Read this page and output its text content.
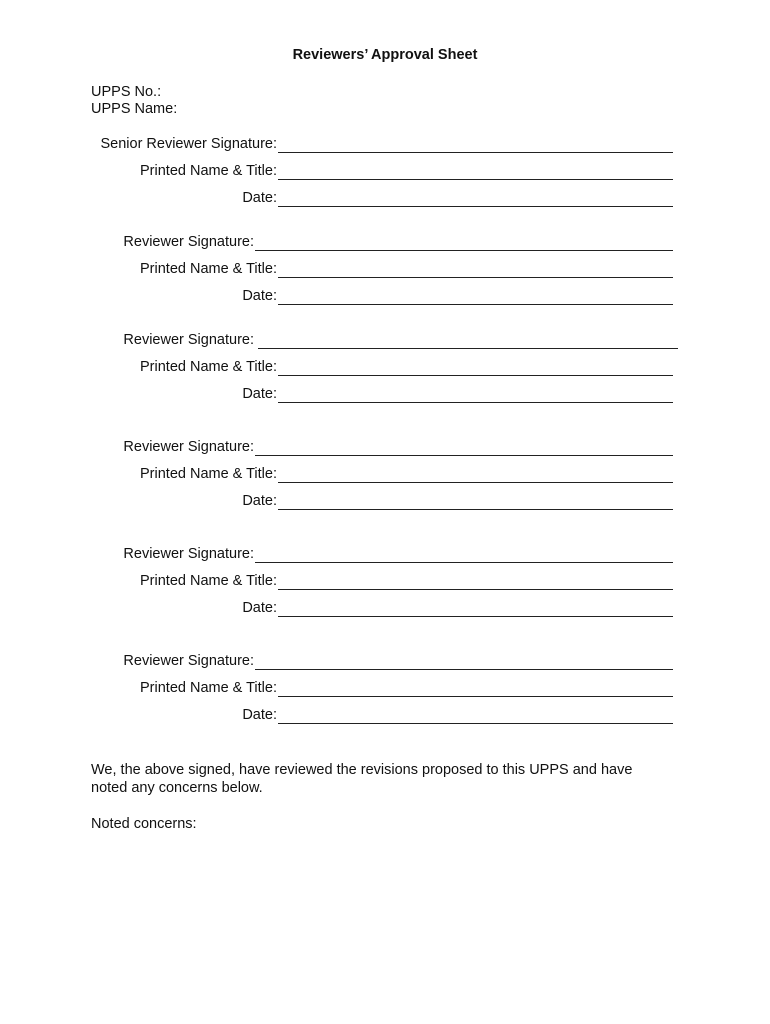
Reviewers’ Approval Sheet
UPPS No.:
UPPS Name:
Senior Reviewer Signature:
Printed Name & Title:
Date:
Reviewer Signature:
Printed Name & Title:
Date:
Reviewer Signature:
Printed Name & Title:
Date:
Reviewer Signature:
Printed Name & Title:
Date:
Reviewer Signature:
Printed Name & Title:
Date:
Reviewer Signature:
Printed Name & Title:
Date:
We, the above signed, have reviewed the revisions proposed to this UPPS and have noted any concerns below.
Noted concerns:
